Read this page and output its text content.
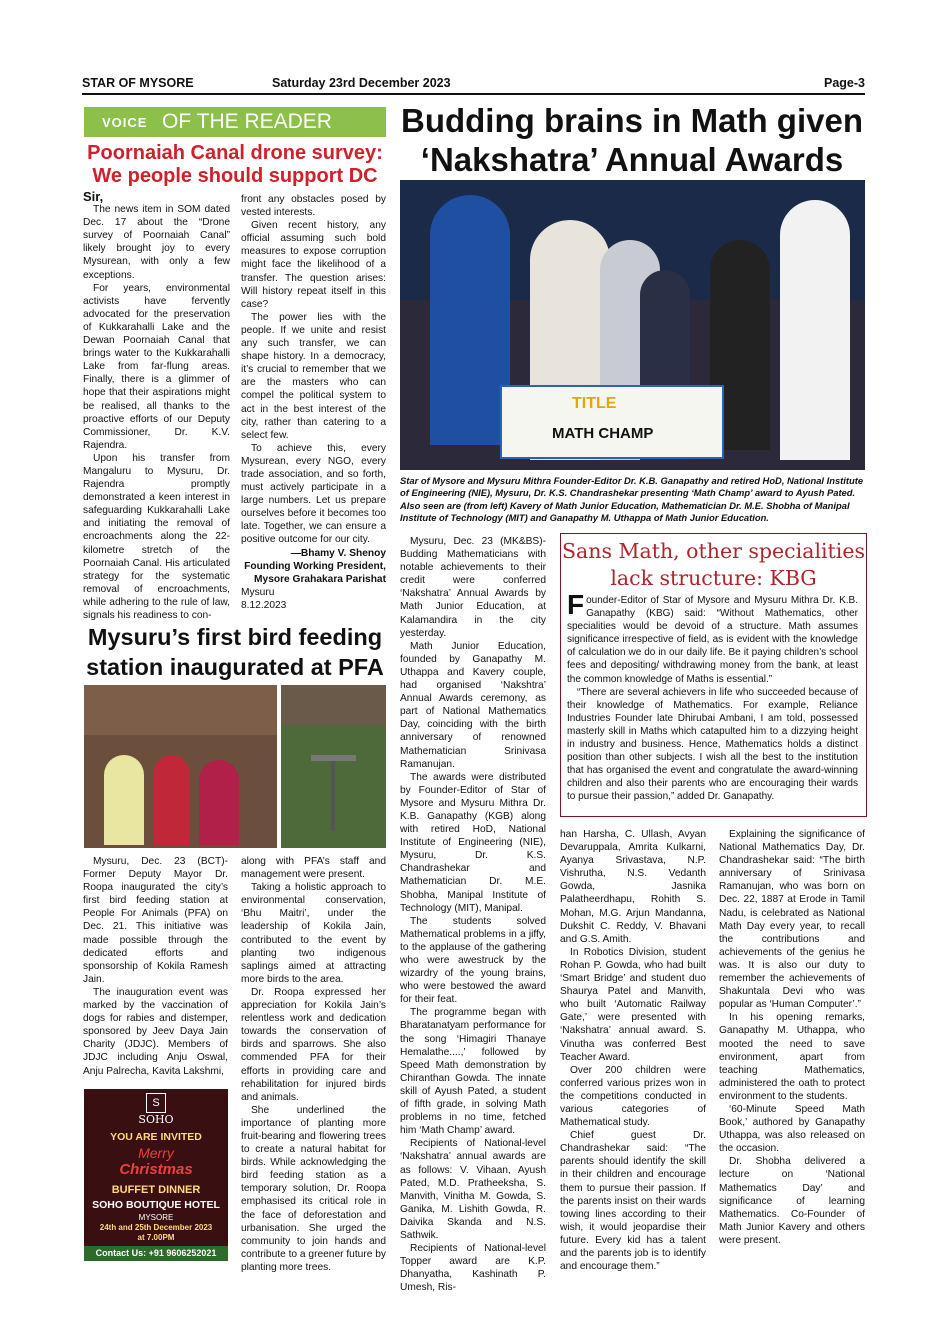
STAR OF MYSORE	Saturday 23rd December 2023	Page-3
VOICE OF THE READER
Poornaiah Canal drone survey: We people should support DC

Sir,

The news item in SOM dated Dec. 17 about the “Drone survey of Poornaiah Canal” likely brought joy to every Mysurean, with only a few exceptions.

For years, environmental activists have fervently advocated for the preservation of Kukkarahalli Lake and the Dewan Poornaiah Canal that brings water to the Kukkarahalli Lake from far-flung areas. Finally, there is a glimmer of hope that their aspirations might be realised, all thanks to the proactive efforts of our Deputy Commissioner, Dr. K.V. Rajendra.

Upon his transfer from Mangaluru to Mysuru, Dr. Rajendra promptly demonstrated a keen interest in safeguarding Kukkarahalli Lake and initiating the removal of encroachments along the 22-kilometre stretch of the Poornaiah Canal. His articulated strategy for the systematic removal of encroachments, while adhering to the rule of law, signals his readiness to con-

front any obstacles posed by vested interests.

Given recent history, any official assuming such bold measures to expose corruption might face the likelihood of a transfer. The question arises: Will history repeat itself in this case?

The power lies with the people. If we unite and resist any such transfer, we can shape history. In a democracy, it’s crucial to remember that we are the masters who can compel the political system to act in the best interest of the city, rather than catering to a select few.

To achieve this, every Mysurean, every NGO, every trade association, and so forth, must actively participate in a large numbers. Let us prepare ourselves before it becomes too late. Together, we can ensure a positive outcome for our city.

—Bhamy V. Shenoy
Founding Working President,
Mysore Grahakara Parishat
Mysuru
8.12.2023
Budding brains in Math given ‘Nakshatra’ Annual Awards
TITLE
MATH CHAMP
Star of Mysore and Mysuru Mithra Founder-Editor Dr. K.B. Ganapathy and retired HoD, National Institute of Engineering (NIE), Mysuru, Dr. K.S. Chandrashekar presenting ‘Math Champ’ award to Ayush Pated. Also seen are (from left) Kavery of Math Junior Education, Mathematician Dr. M.E. Shobha of Manipal Institute of Technology (MIT) and Ganapathy M. Uthappa of Math Junior Education.

Mysuru, Dec. 23 (MK&BS)- Budding Mathematicians with notable achievements to their credit were conferred ‘Nakshatra’ Annual Awards by Math Junior Education, at Kalamandira in the city yesterday.

Math Junior Education, founded by Ganapathy M. Uthappa and Kavery couple, had organised ‘Nakshtra’ Annual Awards ceremony, as part of National Mathematics Day, coinciding with the birth anniversary of renowned Mathematician Srinivasa Ramanujan.

The awards were distributed by Founder-Editor of Star of Mysore and Mysuru Mithra Dr. K.B. Ganapathy (KGB) along with retired HoD, National Institute of Engineering (NIE), Mysuru, Dr. K.S. Chandrashekar and Mathematician Dr. M.E. Shobha, Manipal Institute of Technology (MIT), Manipal.

The students solved Mathematical problems in a jiffy, to the applause of the gathering who were awestruck by the wizardry of the young brains, who were bestowed the award for their feat.

The programme began with Bharatanatyam performance for the song ‘Himagiri Thanaye Hemalathe....,’ followed by Speed Math demonstration by Chiranthan Gowda. The innate skill of Ayush Pated, a student of fifth grade, in solving Math problems in no time, fetched him ‘Math Champ’ award.

Recipients of National-level ‘Nakshatra’ annual awards are as follows: V. Vihaan, Ayush Pated, M.D. Pratheeksha, S. Manvith, Vinitha M. Gowda, S. Ganika, M. Lishith Gowda, R. Daivika Skanda and N.S. Sathwik.

Recipients of National-level Topper award are K.P. Dhanyatha, Kashinath P. Umesh, Ris-

Sans Math, other specialities lack structure: KBG

Founder-Editor of Star of Mysore and Mysuru Mithra Dr. K.B. Ganapathy (KBG) said: “Without Mathematics, other specialities would be devoid of a structure. Math assumes significance irrespective of field, as is evident with the knowledge of calculation we do in our daily life. Be it paying children’s school fees and depositing/ withdrawing money from the bank, at least the common knowledge of Maths is essential.”

“There are several achievers in life who succeeded because of their knowledge of Mathematics. For example, Reliance Industries Founder late Dhirubai Ambani, I am told, possessed masterly skill in Maths which catapulted him to a dizzying height in industry and business. Hence, Mathematics holds a distinct position than other subjects. I wish all the best to the institution that has organised the event and congratulate the award-winning children and also their parents who are encouraging their wards to pursue their passion,” added Dr. Ganapathy.

han Harsha, C. Ullash, Avyan Devaruppala, Amrita Kulkarni, Ayanya Srivastava, N.P. Vishrutha, N.S. Vedanth Gowda, Jasnika Palatheerdhapu, Rohith S. Mohan, M.G. Arjun Mandanna, Dukshit C. Reddy, V. Bhavani and G.S. Amith.

In Robotics Division, student Rohan P. Gowda, who had built ‘Smart Bridge’ and student duo Shaurya Patel and Manvith, who built ‘Automatic Railway Gate,’ were presented with ‘Nakshatra’ annual award. S. Vinutha was conferred Best Teacher Award.

Over 200 children were conferred various prizes won in the competitions conducted in various categories of Mathematical study.

Chief guest Dr. Chandrashekar said: “The parents should identify the skill in their children and encourage them to pursue their passion. If the parents insist on their wards towing lines according to their wish, it would jeopardise their future. Every kid has a talent and the parents job is to identify and encourage them.”

Explaining the significance of National Mathematics Day, Dr. Chandrashekar said: “The birth anniversary of Srinivasa Ramanujan, who was born on Dec. 22, 1887 at Erode in Tamil Nadu, is celebrated as National Math Day every year, to recall the contributions and achievements of the genius he was. It is also our duty to remember the achievements of Shakuntala Devi who was popular as ‘Human Computer’.”

In his opening remarks, Ganapathy M. Uthappa, who mooted the need to save environment, apart from teaching Mathematics, administered the oath to protect environment to the students.

‘60-Minute Speed Math Book,’ authored by Ganapathy Uthappa, was also released on the occasion.

Dr. Shobha delivered a lecture on ‘National Mathematics Day’ and significance of learning Mathematics. Co-Founder of Math Junior Kavery and others were present.

Mysuru’s first bird feeding station inaugurated at PFA

Mysuru, Dec. 23 (BCT)- Former Deputy Mayor Dr. Roopa inaugurated the city’s first bird feeding station at People For Animals (PFA) on Dec. 21. This initiative was made possible through the dedicated efforts and sponsorship of Kokila Ramesh Jain.

The inauguration event was marked by the vaccination of dogs for rabies and distemper, sponsored by Jeev Daya Jain Charity (JDJC). Members of JDJC including Anju Oswal, Anju Palrecha, Kavita Lakshmi,

along with PFA’s staff and management were present.

Taking a holistic approach to environmental conservation, ‘Bhu Maitri’, under the leadership of Kokila Jain, contributed to the event by planting two indigenous saplings aimed at attracting more birds to the area.

Dr. Roopa expressed her appreciation for Kokila Jain’s relentless work and dedication towards the conservation of birds and sparrows. She also commended PFA for their efforts in providing care and rehabilitation for injured birds and animals.

She underlined the importance of planting more fruit-bearing and flowering trees to create a natural habitat for birds. While acknowledging the bird feeding station as a temporary solution, Dr. Roopa emphasised its critical role in the face of deforestation and urbanisation. She urged the community to join hands and contribute to a greener future by planting more trees.

S
SOHO
YOU ARE INVITED
Merry
Christmas
BUFFET DINNER
SOHO BOUTIQUE HOTEL
MYSORE
24th and 25th December 2023
at 7.00PM
Contact Us: +91 9606252021
